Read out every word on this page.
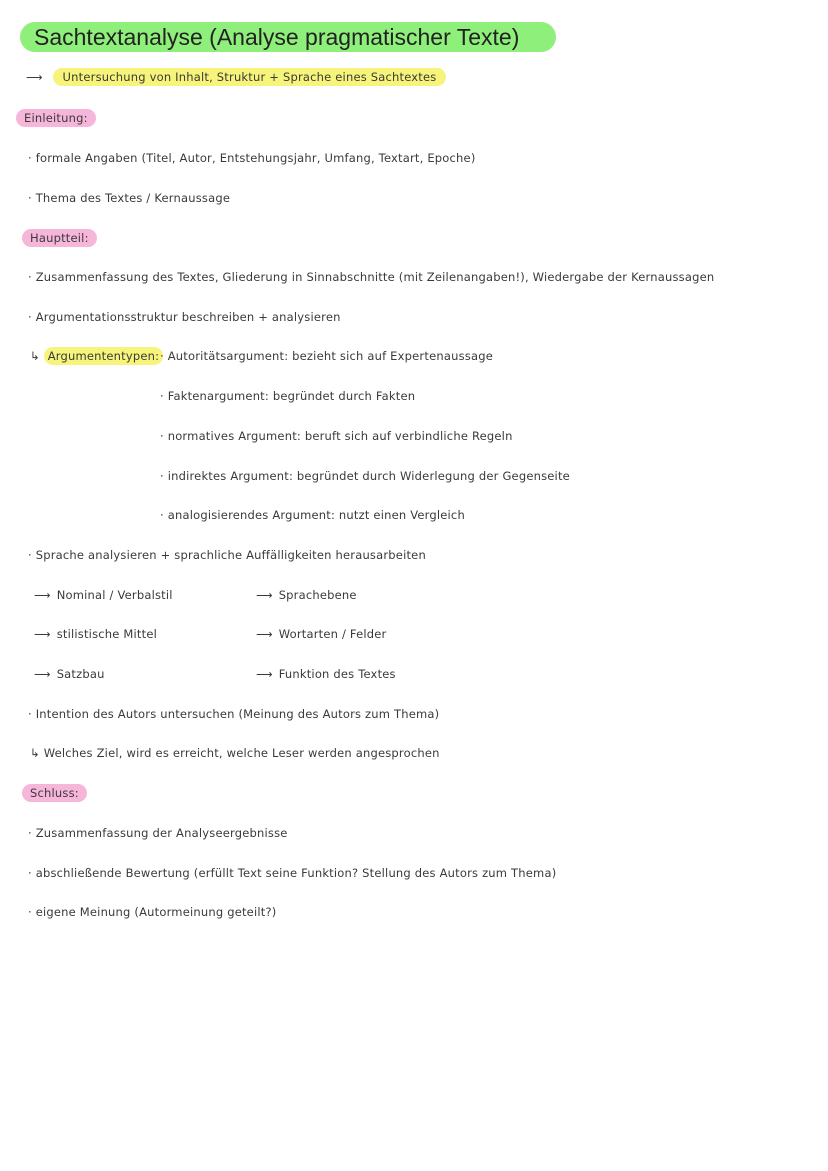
Sachtextanalyse (Analyse pragmatischer Texte)
⟶ Untersuchung von Inhalt, Struktur + Sprache eines Sachtextes
Einleitung:
· formale Angaben (Titel, Autor, Entstehungsjahr, Umfang, Textart, Epoche)
· Thema des Textes / Kernaussage
Hauptteil:
· Zusammenfassung des Textes, Gliederung in Sinnabschnitte (mit Zeilenangaben!), Wiedergabe der Kernaussagen
· Argumentationsstruktur beschreiben + analysieren
↳ Argumententypen: · Autoritätsargument: bezieht sich auf Expertenaussage
· Faktenargument: begründet durch Fakten
· normatives Argument: beruft sich auf verbindliche Regeln
· indirektes Argument: begründet durch Widerlegung der Gegenseite
· analogisierendes Argument: nutzt einen Vergleich
· Sprache analysieren + sprachliche Auffälligkeiten herausarbeiten
⟶ Nominal / Verbalstil	⟶ Sprachebene
⟶ stilistische Mittel	⟶ Wortarten / Felder
⟶ Satzbau	⟶ Funktion des Textes
· Intention des Autors untersuchen (Meinung des Autors zum Thema)
↳ Welches Ziel, wird es erreicht, welche Leser werden angesprochen
Schluss:
· Zusammenfassung der Analyseergebnisse
· abschließende Bewertung (erfüllt Text seine Funktion? Stellung des Autors zum Thema)
· eigene Meinung (Autormeinung geteilt?)
